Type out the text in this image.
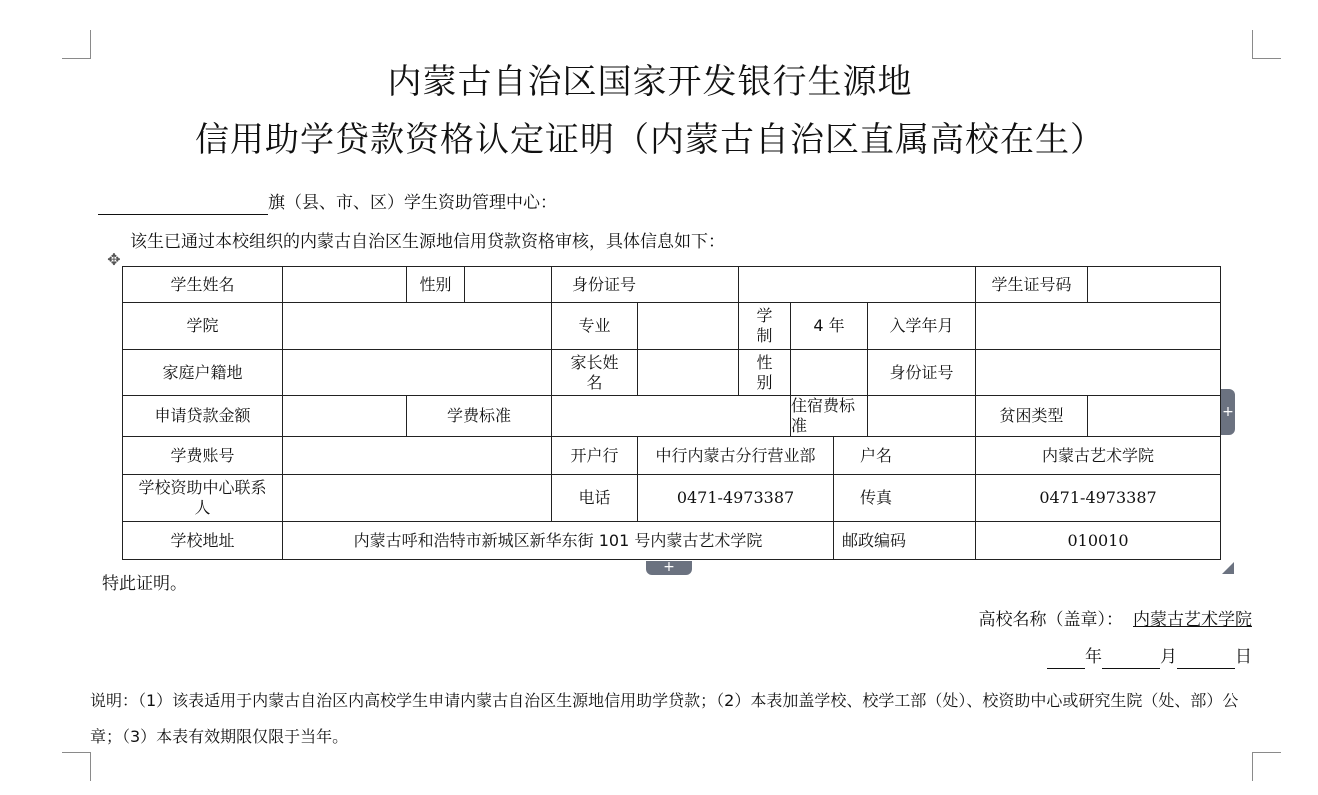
内蒙古自治区国家开发银行生源地
信用助学贷款资格认定证明（内蒙古自治区直属高校在生）
旗（县、市、区）学生资助管理中心：
该生已通过本校组织的内蒙古自治区生源地信用贷款资格审核，具体信息如下：
✥
学生姓名		性别		身份证号						学生证号码	
学院				专业		学制	4 年		入学年月		
家庭户籍地				家长姓名		性别			身份证号		
申请贷款金额		学费标准					住宿费标准			贫困类型	
学费账号				开户行	中行内蒙古分行营业部			户名		内蒙古艺术学院	
学校资助中心联系人				电话	0471-4973387			传真		0471-4973387	
学校地址	内蒙古呼和浩特市新城区新华东街 101 号内蒙古艺术学院							邮政编码		010010	
+
+
特此证明。
高校名称（盖章）： 内蒙古艺术学院
年	月	日
说明：（1）该表适用于内蒙古自治区内高校学生申请内蒙古自治区生源地信用助学贷款；（2）本表加盖学校、校学工部（处）、校资助中心或研究生院（处、部）公章；（3）本表有效期限仅限于当年。
